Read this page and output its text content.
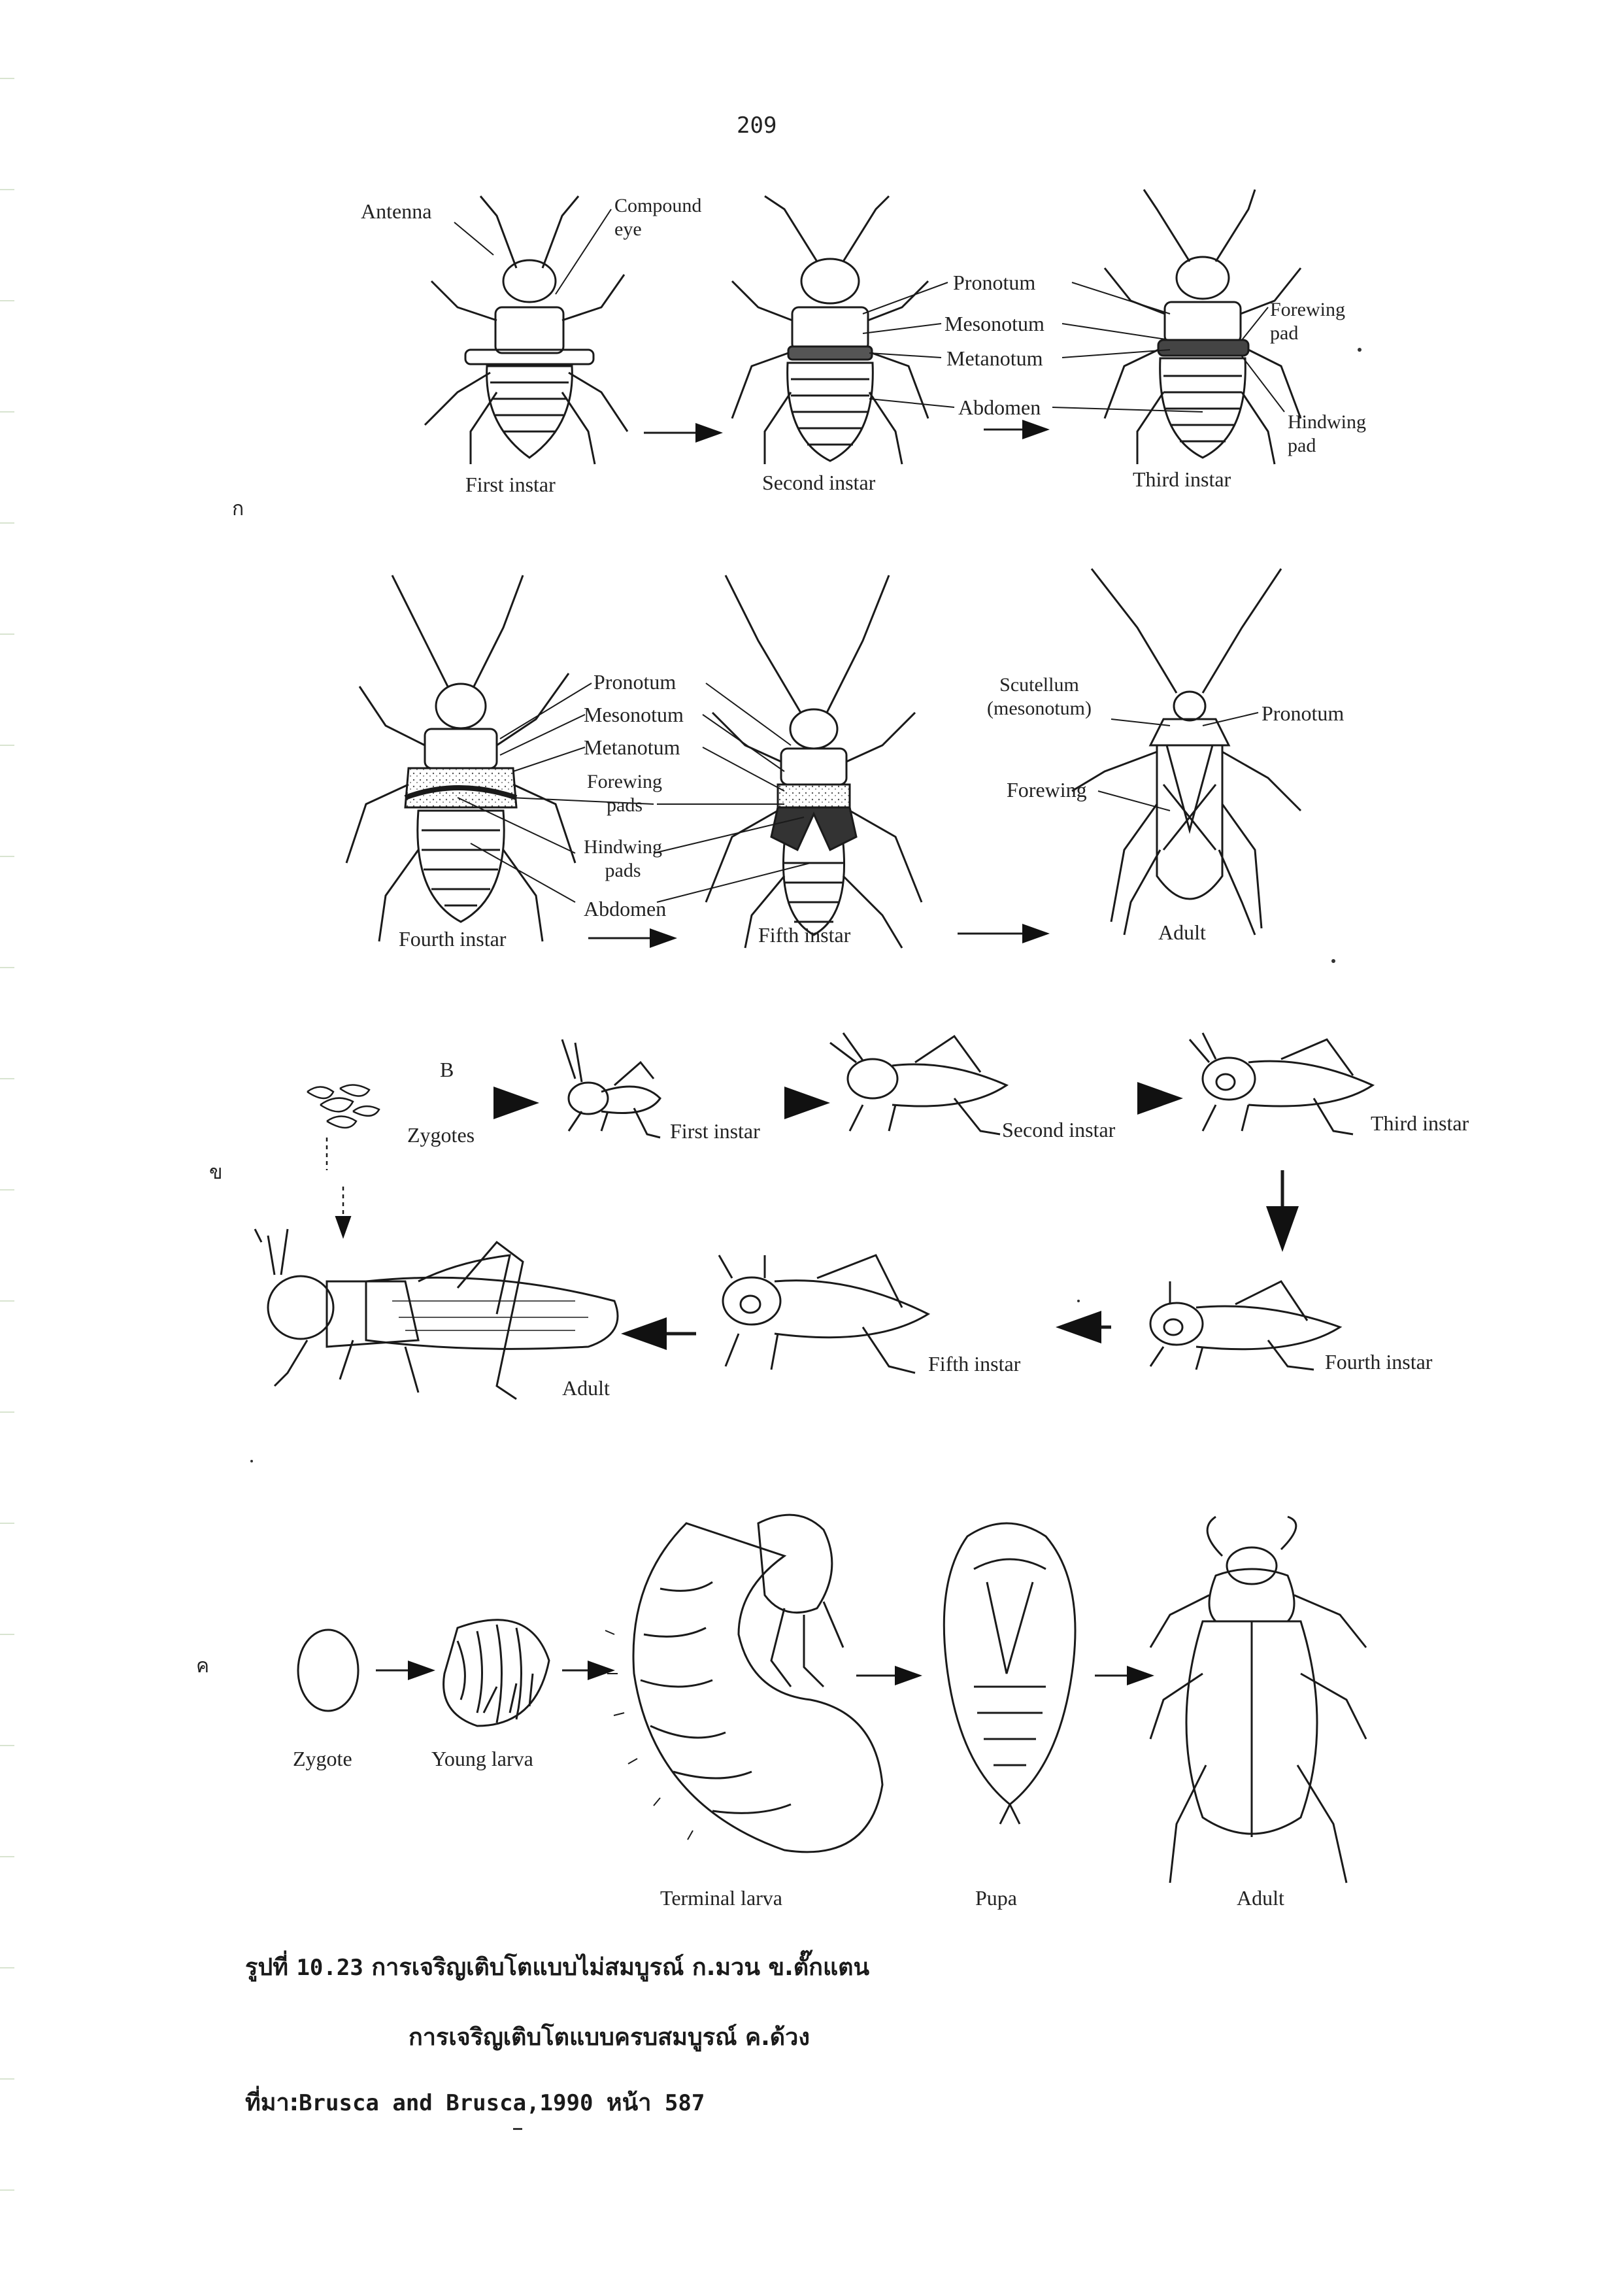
209
ก
ข
ค
Antenna	Compound
eye
Pronotum
Mesonotum
Metanotum
Abdomen
Forewing
pad
Hindwing
pad
First instar	Second instar	Third instar
Pronotum
Mesonotum
Metanotum
Forewing
pads
Hindwing
pads
Abdomen
Scutellum
(mesonotum)	Pronotum
Forewing
Fourth instar	Fifth instar	Adult
B
Zygotes	First instar	Second instar	Third instar
Fourth instar
Fifth instar
Adult
Zygote	Young larva
Terminal larva	Pupa	Adult
รูปที่ 10.23 การเจริญเติบโตแบบไม่สมบูรณ์ ก.มวน ข.ตั๊กแตน
การเจริญเติบโตแบบครบสมบูรณ์ ค.ด้วง
ที่มา:Brusca and Brusca,1990 หน้า 587
